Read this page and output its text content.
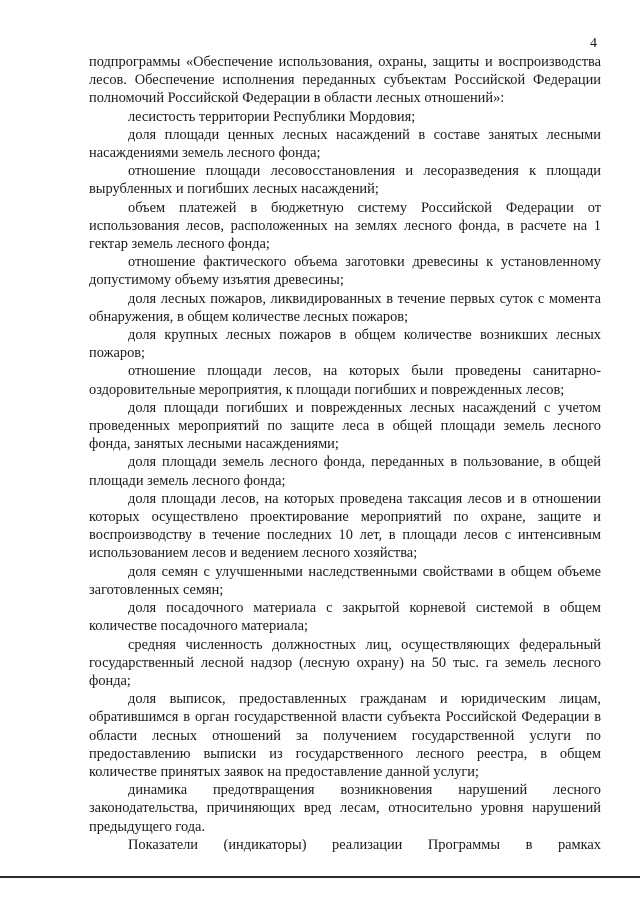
4

подпрограммы «Обеспечение использования, охраны, защиты и воспроизводства лесов. Обеспечение исполнения переданных субъектам Российской Федерации полномочий Российской Федерации в области лесных отношений»:

лесистость территории Республики Мордовия;

доля площади ценных лесных насаждений в составе занятых лесными насаждениями земель лесного фонда;

отношение площади лесовосстановления и лесоразведения к площади вырубленных и погибших лесных насаждений;

объем платежей в бюджетную систему Российской Федерации от использования лесов, расположенных на землях лесного фонда, в расчете на 1 гектар земель лесного фонда;

отношение фактического объема заготовки древесины к установленному допустимому объему изъятия древесины;

доля лесных пожаров, ликвидированных в течение первых суток с момента обнаружения, в общем количестве лесных пожаров;

доля крупных лесных пожаров в общем количестве возникших лесных пожаров;

отношение площади лесов, на которых были проведены санитарно-оздоровительные мероприятия, к площади погибших и поврежденных лесов;

доля площади погибших и поврежденных лесных насаждений с учетом проведенных мероприятий по защите леса в общей площади земель лесного фонда, занятых лесными насаждениями;

доля площади земель лесного фонда, переданных в пользование, в общей площади земель лесного фонда;

доля площади лесов, на которых проведена таксация лесов и в отношении которых осуществлено проектирование мероприятий по охране, защите и воспроизводству в течение последних 10 лет, в площади лесов с интенсивным использованием лесов и ведением лесного хозяйства;

доля семян с улучшенными наследственными свойствами в общем объеме заготовленных семян;

доля посадочного материала с закрытой корневой системой в общем количестве посадочного материала;

средняя численность должностных лиц, осуществляющих федеральный государственный лесной надзор (лесную охрану) на 50 тыс. га земель лесного фонда;

доля выписок, предоставленных гражданам и юридическим лицам, обратившимся в орган государственной власти субъекта Российской Федерации в области лесных отношений за получением государственной услуги по предоставлению выписки из государственного лесного реестра, в общем количестве принятых заявок на предоставление данной услуги;

динамика предотвращения возникновения нарушений лесного законодательства, причиняющих вред лесам, относительно уровня нарушений предыдущего года.

Показатели (индикаторы) реализации Программы в рамках
